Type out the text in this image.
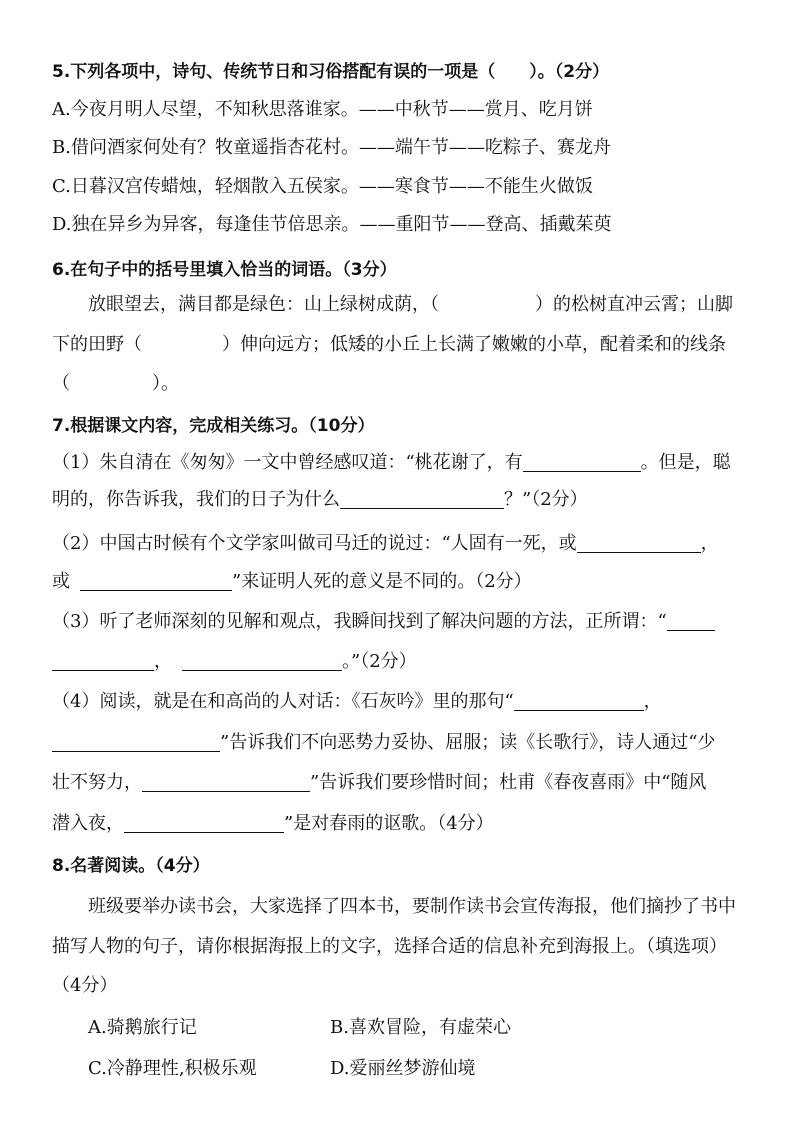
5.下列各项中，诗句、传统节日和习俗搭配有误的一项是（　　）。（2分）
A.今夜月明人尽望，不知秋思落谁家。——中秋节——赏月、吃月饼
B.借问酒家何处有？牧童遥指杏花村。——端午节——吃粽子、赛龙舟
C.日暮汉宫传蜡烛，轻烟散入五侯家。——寒食节——不能生火做饭
D.独在异乡为异客，每逢佳节倍思亲。——重阳节——登高、插戴茱萸
6.在句子中的括号里填入恰当的词语。（3分）
放眼望去，满目都是绿色：山上绿树成荫，（	）的松树直冲云霄；山脚
下的田野（	）伸向远方；低矮的小丘上长满了嫩嫩的小草，配着柔和的线条
（	）。
7.根据课文内容，完成相关练习。（10分）
（1）朱自清在《匆匆》一文中曾经感叹道：“桃花谢了，有	。但是，聪
明的，你告诉我，我们的日子为什么	？”（2分）
（2）中国古时候有个文学家叫做司马迁的说过：“人固有一死，或	，
或	”来证明人死的意义是不同的。（2分）
（3）听了老师深刻的见解和观点，我瞬间找到了解决问题的方法，正所谓：“
，	。”（2分）
（4）阅读，就是在和高尚的人对话：《石灰吟》里的那句“	，
”告诉我们不向恶势力妥协、屈服；读《长歌行》，诗人通过“少
壮不努力，	”告诉我们要珍惜时间；杜甫《春夜喜雨》中“随风
潜入夜，	”是对春雨的讴歌。（4分）
8.名著阅读。（4分）
班级要举办读书会，大家选择了四本书，要制作读书会宣传海报，他们摘抄了书中
描写人物的句子，请你根据海报上的文字，选择合适的信息补充到海报上。（填选项）
（4分）
A.骑鹅旅行记	B.喜欢冒险，有虚荣心
C.冷静理性,积极乐观	D.爱丽丝梦游仙境
